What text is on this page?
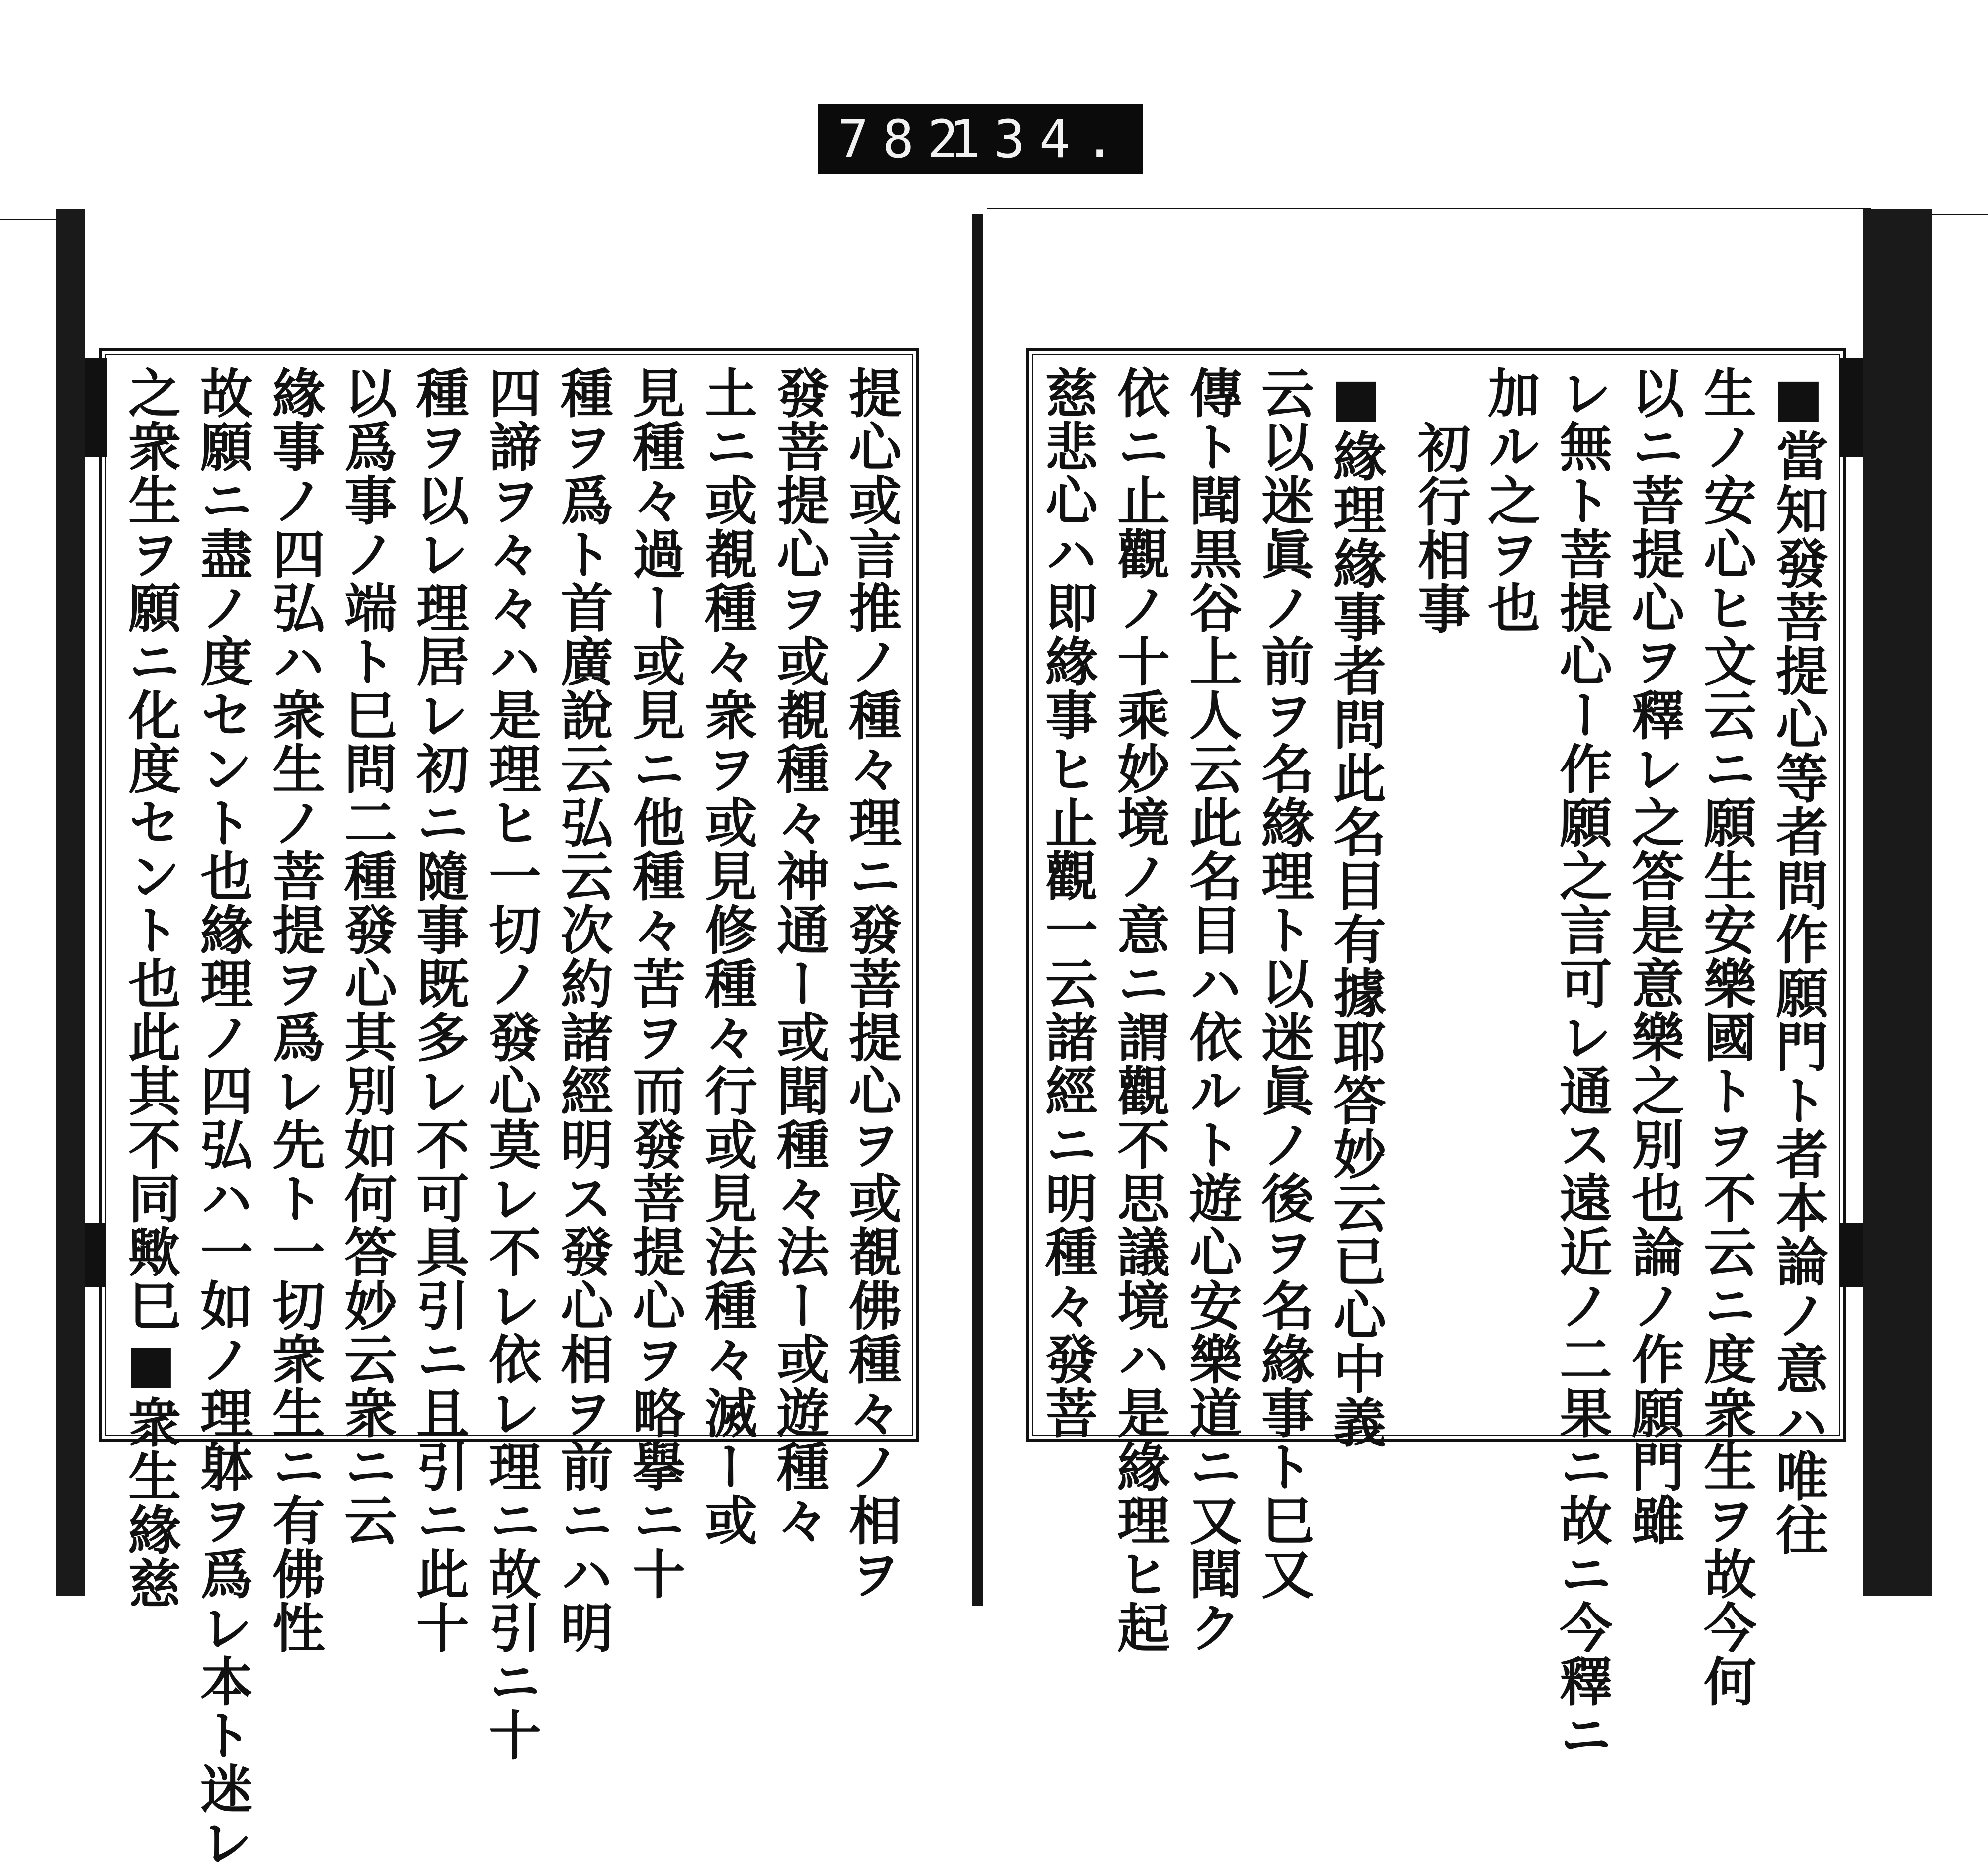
782
134.
■當知發菩提心等者問作願門ト者本論ノ意ハ唯往
生ノ安心ヒ文云ニ願生安樂國トヲ不云ニ度衆生ヲ故今何
以ニ菩提心ヲ釋レ之答是意樂之別也論ノ作願門雖
レ無ト菩提心ー作願之言可レ通ス遠近ノ二果ニ故ニ今釋ニ
加ル之ヲ也
初行相事
■緣理緣事者問此名目有據耶答妙云已心中義
云以迷眞ノ前ヲ名緣理ト以迷眞ノ後ヲ名緣事ト巳又
傳ト聞黒谷上人云此名目ハ依ルト遊心安樂道ニ又聞ク
依ニ止觀ノ十乘妙境ノ意ニ謂觀不思議境ハ是緣理ヒ起
慈悲心ハ即緣事ヒ止觀一云諸經ニ明種々發菩
提心或言推ノ種々理ニ發菩提心ヲ或覩佛種々ノ相ヲ
發菩提心ヲ或覩種々神通ー或聞種々法ー或遊種々
土ニ或覩種々衆ヲ或見修種々行或見法種々滅ー或
見種々過ー或見ニ他種々苦ヲ而發菩提心ヲ略擧ニ十
種ヲ爲ト首廣說云弘云次約諸經明ス發心相ヲ前ニハ明
四諦ヲ々々ハ是理ヒ一切ノ發心莫レ不レ依レ理ニ故引ニ十
種ヲ以レ理居レ初ニ隨事既多レ不可具引ニ且引ニ此十
以爲事ノ端ト巳問二種發心其別如何答妙云衆ニ云
緣事ノ四弘ハ衆生ノ菩提ヲ爲レ先ト一切衆生ニ有佛性
故願ニ盡ノ度セント也緣理ノ四弘ハ一如ノ理躰ヲ爲レ本ト迷レ
之衆生ヲ願ニ化度セント也此其不同歟巳■衆生緣慈
